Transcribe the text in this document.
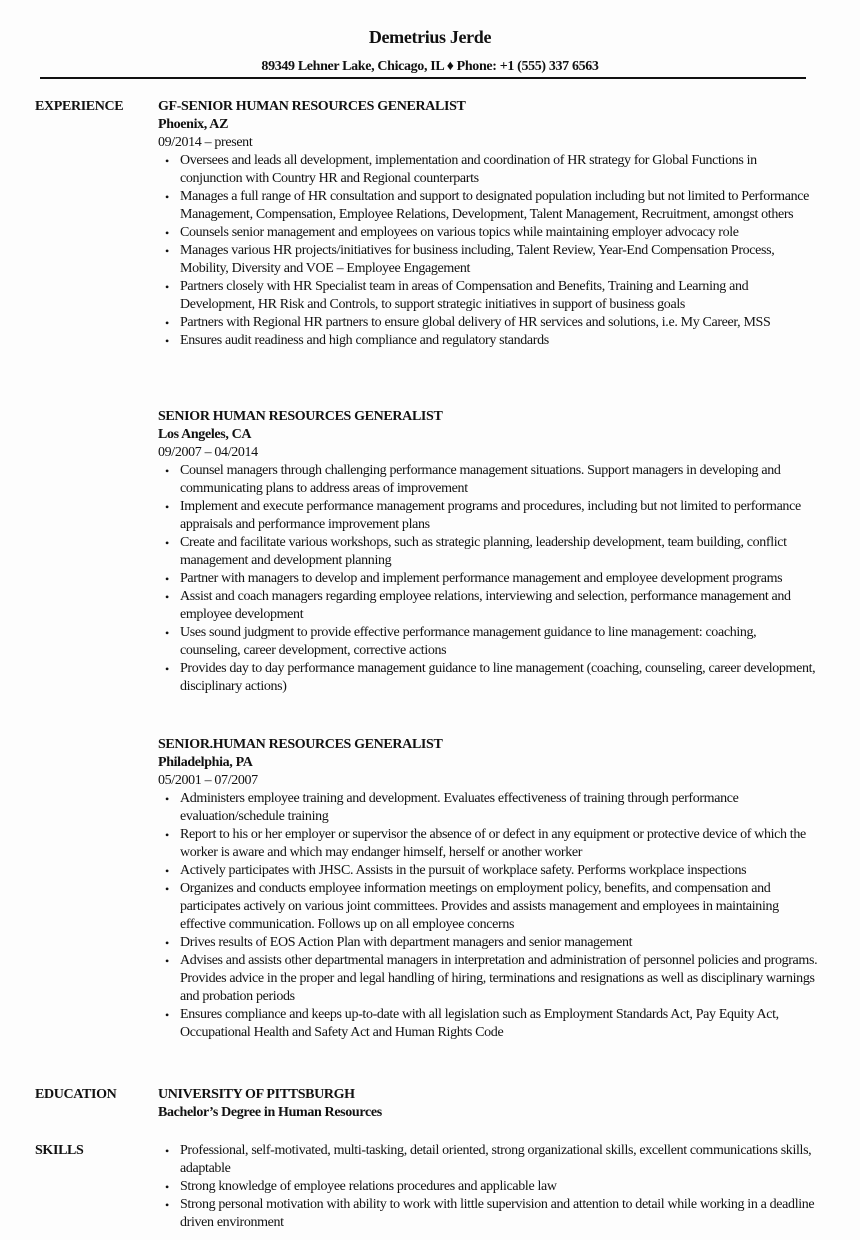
Demetrius Jerde
89349 Lehner Lake, Chicago, IL ♦ Phone: +1 (555) 337 6563
EXPERIENCE GF-SENIOR HUMAN RESOURCES GENERALIST
Phoenix, AZ
09/2014 – present
• Oversees and leads all development, implementation and coordination of HR strategy for Global Functions in conjunction with Country HR and Regional counterparts
• Manages a full range of HR consultation and support to designated population including but not limited to Performance Management, Compensation, Employee Relations, Development, Talent Management, Recruitment, amongst others
• Counsels senior management and employees on various topics while maintaining employer advocacy role
• Manages various HR projects/initiatives for business including, Talent Review, Year-End Compensation Process, Mobility, Diversity and VOE – Employee Engagement
• Partners closely with HR Specialist team in areas of Compensation and Benefits, Training and Learning and Development, HR Risk and Controls, to support strategic initiatives in support of business goals
• Partners with Regional HR partners to ensure global delivery of HR services and solutions, i.e. My Career, MSS
• Ensures audit readiness and high compliance and regulatory standards
SENIOR HUMAN RESOURCES GENERALIST
Los Angeles, CA
09/2007 – 04/2014
• Counsel managers through challenging performance management situations. Support managers in developing and communicating plans to address areas of improvement
• Implement and execute performance management programs and procedures, including but not limited to performance appraisals and performance improvement plans
• Create and facilitate various workshops, such as strategic planning, leadership development, team building, conflict management and development planning
• Partner with managers to develop and implement performance management and employee development programs
• Assist and coach managers regarding employee relations, interviewing and selection, performance management and employee development
• Uses sound judgment to provide effective performance management guidance to line management: coaching, counseling, career development, corrective actions
• Provides day to day performance management guidance to line management (coaching, counseling, career development, disciplinary actions)
SENIOR.HUMAN RESOURCES GENERALIST
Philadelphia, PA
05/2001 – 07/2007
• Administers employee training and development. Evaluates effectiveness of training through performance evaluation/schedule training
• Report to his or her employer or supervisor the absence of or defect in any equipment or protective device of which the worker is aware and which may endanger himself, herself or another worker
• Actively participates with JHSC. Assists in the pursuit of workplace safety. Performs workplace inspections
• Organizes and conducts employee information meetings on employment policy, benefits, and compensation and participates actively on various joint committees. Provides and assists management and employees in maintaining effective communication. Follows up on all employee concerns
• Drives results of EOS Action Plan with department managers and senior management
• Advises and assists other departmental managers in interpretation and administration of personnel policies and programs. Provides advice in the proper and legal handling of hiring, terminations and resignations as well as disciplinary warnings and probation periods
• Ensures compliance and keeps up-to-date with all legislation such as Employment Standards Act, Pay Equity Act, Occupational Health and Safety Act and Human Rights Code
EDUCATION	UNIVERSITY OF PITTSBURGH
Bachelor’s Degree in Human Resources
SKILLS	• Professional, self-motivated, multi-tasking, detail oriented, strong organizational skills, excellent communications skills, adaptable
• Strong knowledge of employee relations procedures and applicable law
• Strong personal motivation with ability to work with little supervision and attention to detail while working in a deadline driven environment
